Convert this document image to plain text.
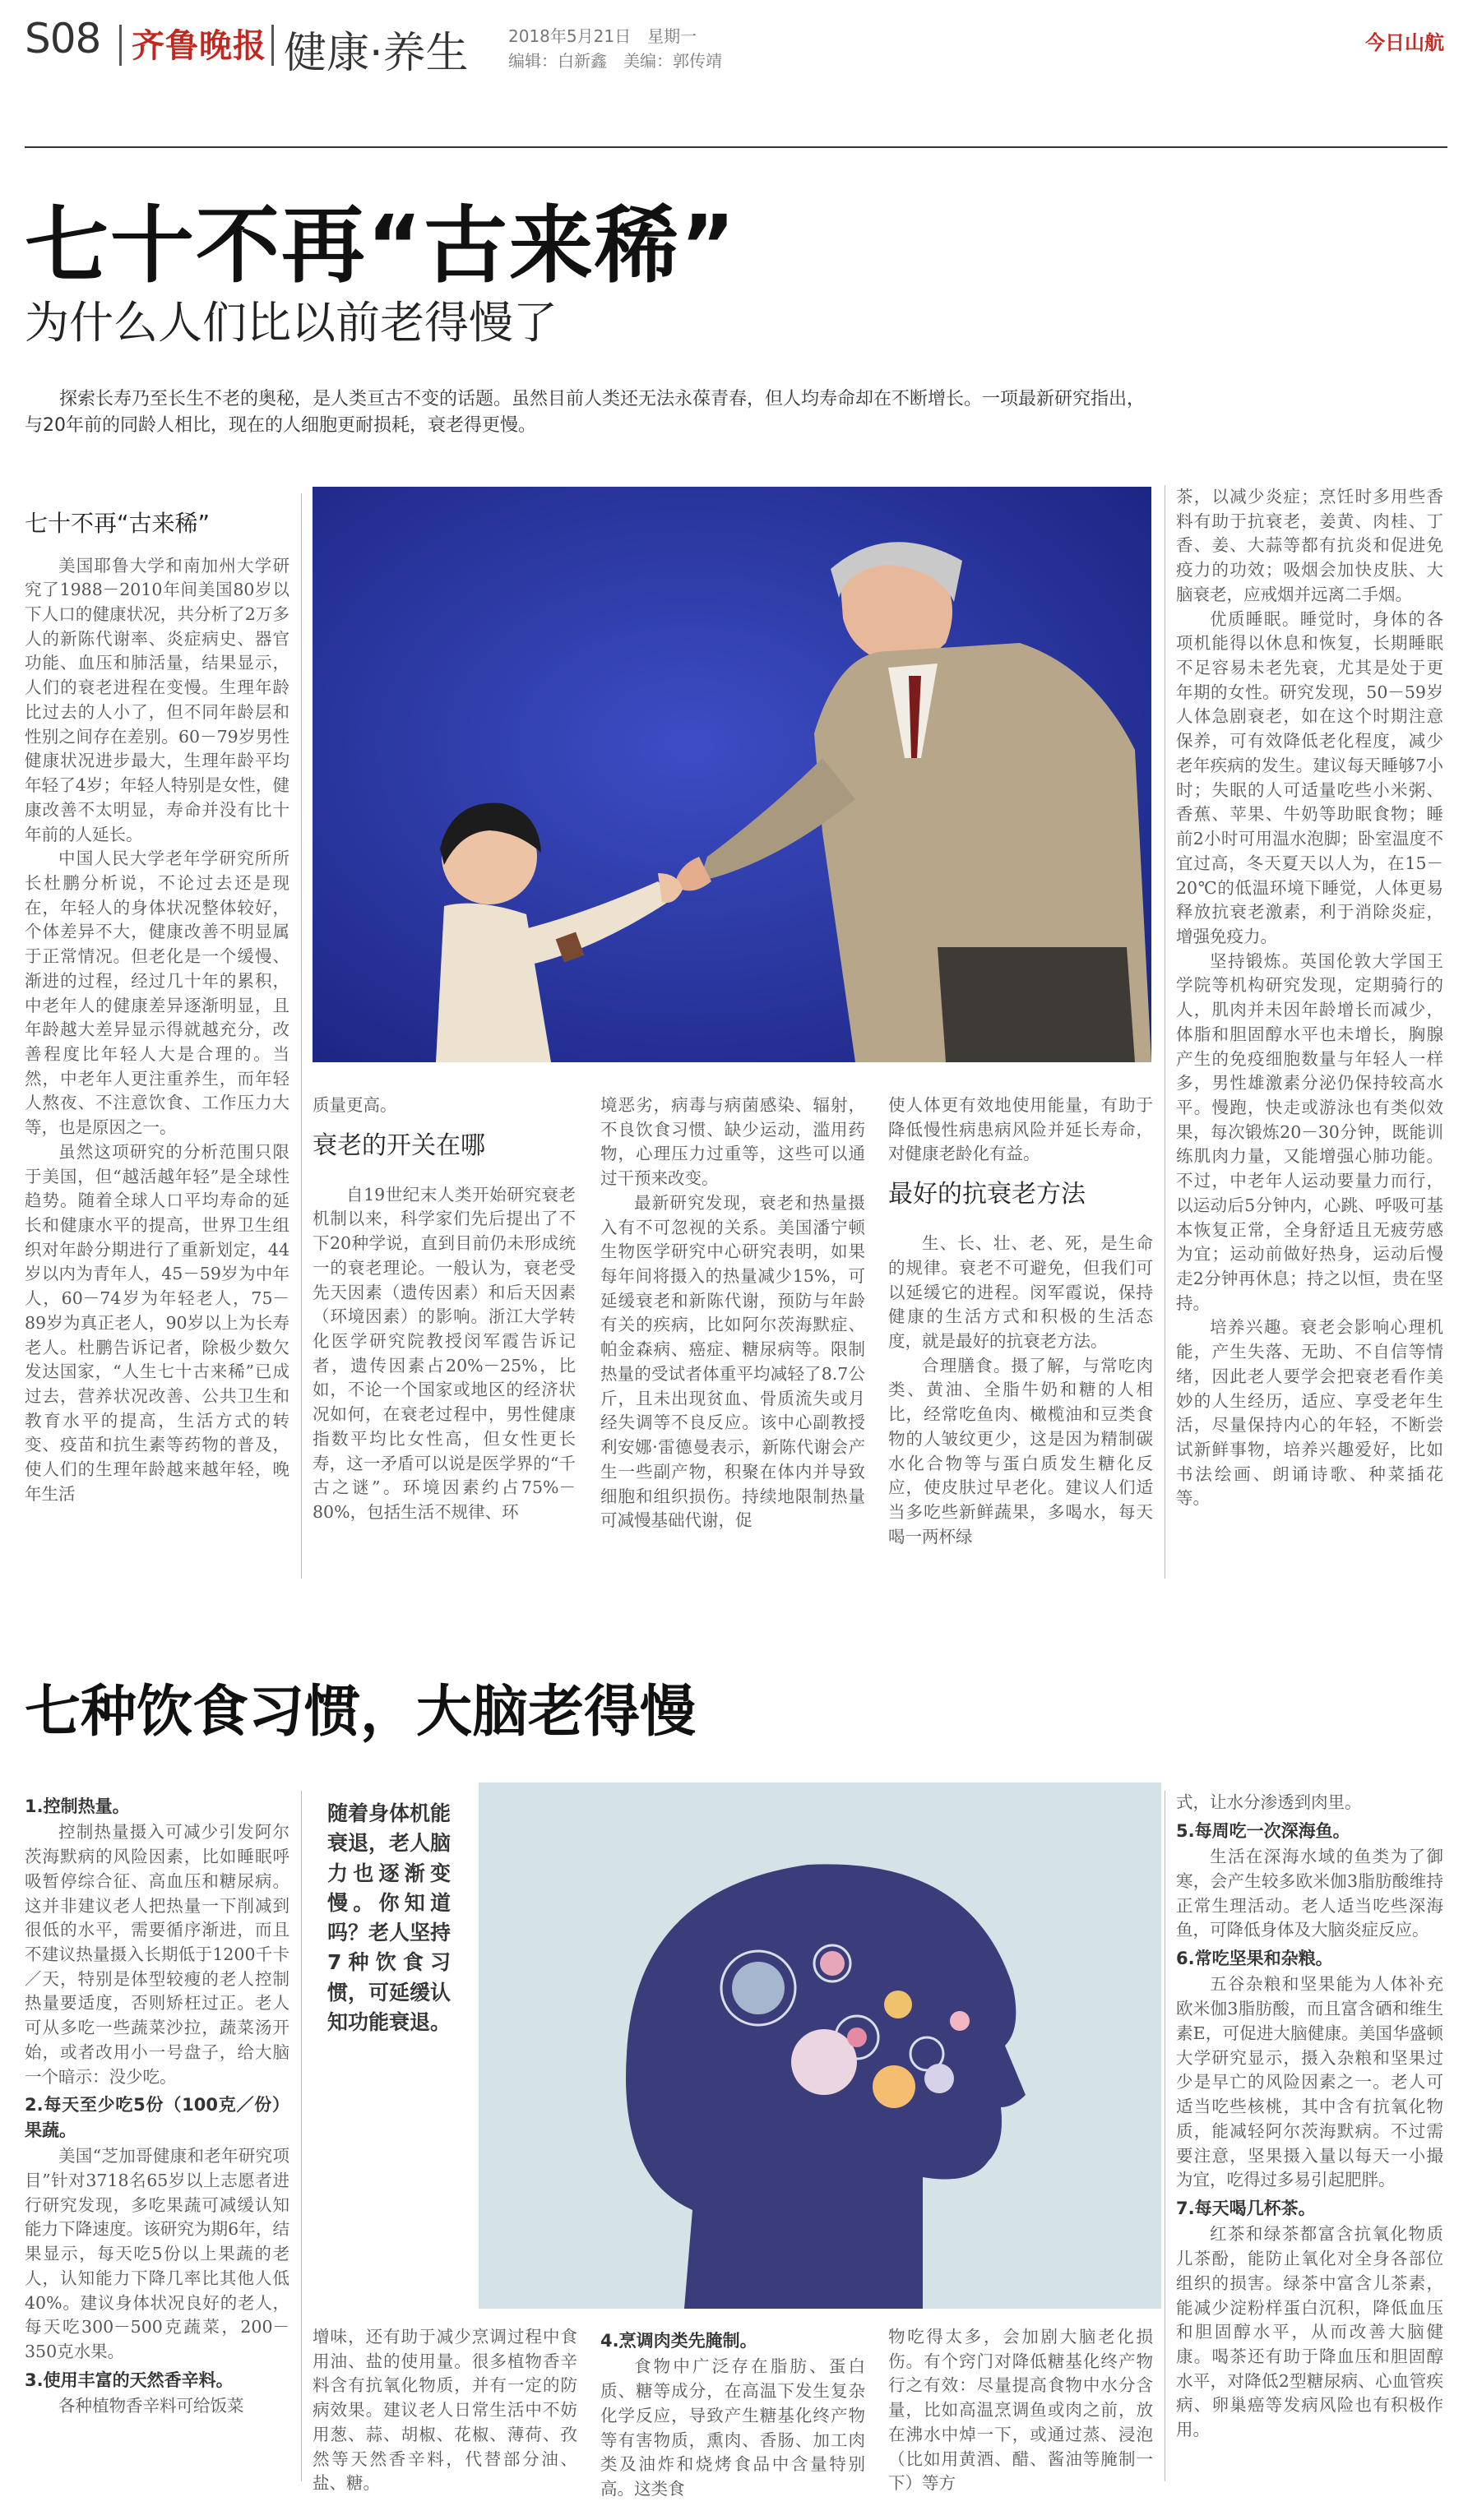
S08 齐鲁晚报 健康·养生 2018年5月21日　星期一
编辑：白新鑫　美编：郭传靖
今日山航
七十不再“古来稀”
为什么人们比以前老得慢了
探索长寿乃至长生不老的奥秘，是人类亘古不变的话题。虽然目前人类还无法永葆青春，但人均寿命却在不断增长。一项最新研究指出，与20年前的同龄人相比，现在的人细胞更耐损耗，衰老得更慢。
七十不再“古来稀”

美国耶鲁大学和南加州大学研究了1988－2010年间美国80岁以下人口的健康状况，共分析了2万多人的新陈代谢率、炎症病史、器官功能、血压和肺活量，结果显示，人们的衰老进程在变慢。生理年龄比过去的人小了，但不同年龄层和性别之间存在差别。60－79岁男性健康状况进步最大，生理年龄平均年轻了4岁；年轻人特别是女性，健康改善不太明显，寿命并没有比十年前的人延长。

中国人民大学老年学研究所所长杜鹏分析说，不论过去还是现在，年轻人的身体状况整体较好，个体差异不大，健康改善不明显属于正常情况。但老化是一个缓慢、渐进的过程，经过几十年的累积，中老年人的健康差异逐渐明显，且年龄越大差异显示得就越充分，改善程度比年轻人大是合理的。当然，中老年人更注重养生，而年轻人熬夜、不注意饮食、工作压力大等，也是原因之一。

虽然这项研究的分析范围只限于美国，但“越活越年轻”是全球性趋势。随着全球人口平均寿命的延长和健康水平的提高，世界卫生组织对年龄分期进行了重新划定，44岁以内为青年人，45－59岁为中年人，60－74岁为年轻老人，75－89岁为真正老人，90岁以上为长寿老人。杜鹏告诉记者，除极少数欠发达国家，“人生七十古来稀”已成过去，营养状况改善、公共卫生和教育水平的提高，生活方式的转变、疫苗和抗生素等药物的普及，使人们的生理年龄越来越年轻，晚年生活

质量更高。

衰老的开关在哪

自19世纪末人类开始研究衰老机制以来，科学家们先后提出了不下20种学说，直到目前仍未形成统一的衰老理论。一般认为，衰老受先天因素（遗传因素）和后天因素（环境因素）的影响。浙江大学转化医学研究院教授闵军霞告诉记者，遗传因素占20%－25%，比如，不论一个国家或地区的经济状况如何，在衰老过程中，男性健康指数平均比女性高，但女性更长寿，这一矛盾可以说是医学界的“千古之谜”。环境因素约占75%－80%，包括生活不规律、环

境恶劣，病毒与病菌感染、辐射，不良饮食习惯、缺少运动，滥用药物，心理压力过重等，这些可以通过干预来改变。

最新研究发现，衰老和热量摄入有不可忽视的关系。美国潘宁顿生物医学研究中心研究表明，如果每年间将摄入的热量减少15%，可延缓衰老和新陈代谢，预防与年龄有关的疾病，比如阿尔茨海默症、帕金森病、癌症、糖尿病等。限制热量的受试者体重平均减轻了8.7公斤，且未出现贫血、骨质流失或月经失调等不良反应。该中心副教授利安娜·雷德曼表示，新陈代谢会产生一些副产物，积聚在体内并导致细胞和组织损伤。持续地限制热量可减慢基础代谢，促

使人体更有效地使用能量，有助于降低慢性病患病风险并延长寿命，对健康老龄化有益。

最好的抗衰老方法

生、长、壮、老、死，是生命的规律。衰老不可避免，但我们可以延缓它的进程。闵军霞说，保持健康的生活方式和积极的生活态度，就是最好的抗衰老方法。

合理膳食。摄了解，与常吃肉类、黄油、全脂牛奶和糖的人相比，经常吃鱼肉、橄榄油和豆类食物的人皱纹更少，这是因为精制碳水化合物等与蛋白质发生糖化反应，使皮肤过早老化。建议人们适当多吃些新鲜蔬果，多喝水，每天喝一两杯绿

茶，以减少炎症；烹饪时多用些香料有助于抗衰老，姜黄、肉桂、丁香、姜、大蒜等都有抗炎和促进免疫力的功效；吸烟会加快皮肤、大脑衰老，应戒烟并远离二手烟。

优质睡眠。睡觉时，身体的各项机能得以休息和恢复，长期睡眠不足容易未老先衰，尤其是处于更年期的女性。研究发现，50－59岁人体急剧衰老，如在这个时期注意保养，可有效降低老化程度，减少老年疾病的发生。建议每天睡够7小时；失眠的人可适量吃些小米粥、香蕉、苹果、牛奶等助眠食物；睡前2小时可用温水泡脚；卧室温度不宜过高，冬天夏天以人为，在15－20℃的低温环境下睡觉，人体更易释放抗衰老激素，利于消除炎症，增强免疫力。

坚持锻炼。英国伦敦大学国王学院等机构研究发现，定期骑行的人，肌肉并未因年龄增长而减少，体脂和胆固醇水平也未增长，胸腺产生的免疫细胞数量与年轻人一样多，男性雄激素分泌仍保持较高水平。慢跑，快走或游泳也有类似效果，每次锻炼20－30分钟，既能训练肌肉力量，又能增强心肺功能。不过，中老年人运动要量力而行，以运动后5分钟内，心跳、呼吸可基本恢复正常，全身舒适且无疲劳感为宜；运动前做好热身，运动后慢走2分钟再休息；持之以恒，贵在坚持。

培养兴趣。衰老会影响心理机能，产生失落、无助、不自信等情绪，因此老人要学会把衰老看作美妙的人生经历，适应、享受老年生活，尽量保持内心的年轻，不断尝试新鲜事物，培养兴趣爱好，比如书法绘画、朗诵诗歌、种菜插花等。

七种饮食习惯，大脑老得慢
随着身体机能衰退，老人脑力也逐渐变慢。你知道吗？老人坚持7种饮食习惯，可延缓认知功能衰退。
1.控制热量。

控制热量摄入可减少引发阿尔茨海默病的风险因素，比如睡眠呼吸暂停综合征、高血压和糖尿病。这并非建议老人把热量一下削减到很低的水平，需要循序渐进，而且不建议热量摄入长期低于1200千卡／天，特别是体型较瘦的老人控制热量要适度，否则矫枉过正。老人可从多吃一些蔬菜沙拉，蔬菜汤开始，或者改用小一号盘子，给大脑一个暗示：没少吃。

2.每天至少吃5份（100克／份）果蔬。

美国“芝加哥健康和老年研究项目”针对3718名65岁以上志愿者进行研究发现，多吃果蔬可减缓认知能力下降速度。该研究为期6年，结果显示，每天吃5份以上果蔬的老人，认知能力下降几率比其他人低40%。建议身体状况良好的老人，每天吃300－500克蔬菜，200－350克水果。

3.使用丰富的天然香辛料。

各种植物香辛料可给饭菜

增味，还有助于减少烹调过程中食用油、盐的使用量。很多植物香辛料含有抗氧化物质，并有一定的防病效果。建议老人日常生活中不妨用葱、蒜、胡椒、花椒、薄荷、孜然等天然香辛料，代替部分油、盐、糖。

4.烹调肉类先腌制。

食物中广泛存在脂肪、蛋白质、糖等成分，在高温下发生复杂化学反应，导致产生糖基化终产物等有害物质，熏肉、香肠、加工肉类及油炸和烧烤食品中含量特别高。这类食

物吃得太多，会加剧大脑老化损伤。有个窍门对降低糖基化终产物行之有效：尽量提高食物中水分含量，比如高温烹调鱼或肉之前，放在沸水中焯一下，或通过蒸、浸泡（比如用黄酒、醋、酱油等腌制一下）等方

式，让水分渗透到肉里。

5.每周吃一次深海鱼。

生活在深海水域的鱼类为了御寒，会产生较多欧米伽3脂肪酸维持正常生理活动。老人适当吃些深海鱼，可降低身体及大脑炎症反应。

6.常吃坚果和杂粮。

五谷杂粮和坚果能为人体补充欧米伽3脂肪酸，而且富含硒和维生素E，可促进大脑健康。美国华盛顿大学研究显示，摄入杂粮和坚果过少是早亡的风险因素之一。老人可适当吃些核桃，其中含有抗氧化物质，能减轻阿尔茨海默病。不过需要注意，坚果摄入量以每天一小撮为宜，吃得过多易引起肥胖。

7.每天喝几杯茶。

红茶和绿茶都富含抗氧化物质儿茶酚，能防止氧化对全身各部位组织的损害。绿茶中富含儿茶素，能减少淀粉样蛋白沉积，降低血压和胆固醇水平，从而改善大脑健康。喝茶还有助于降血压和胆固醇水平，对降低2型糖尿病、心血管疾病、卵巢癌等发病风险也有积极作用。
